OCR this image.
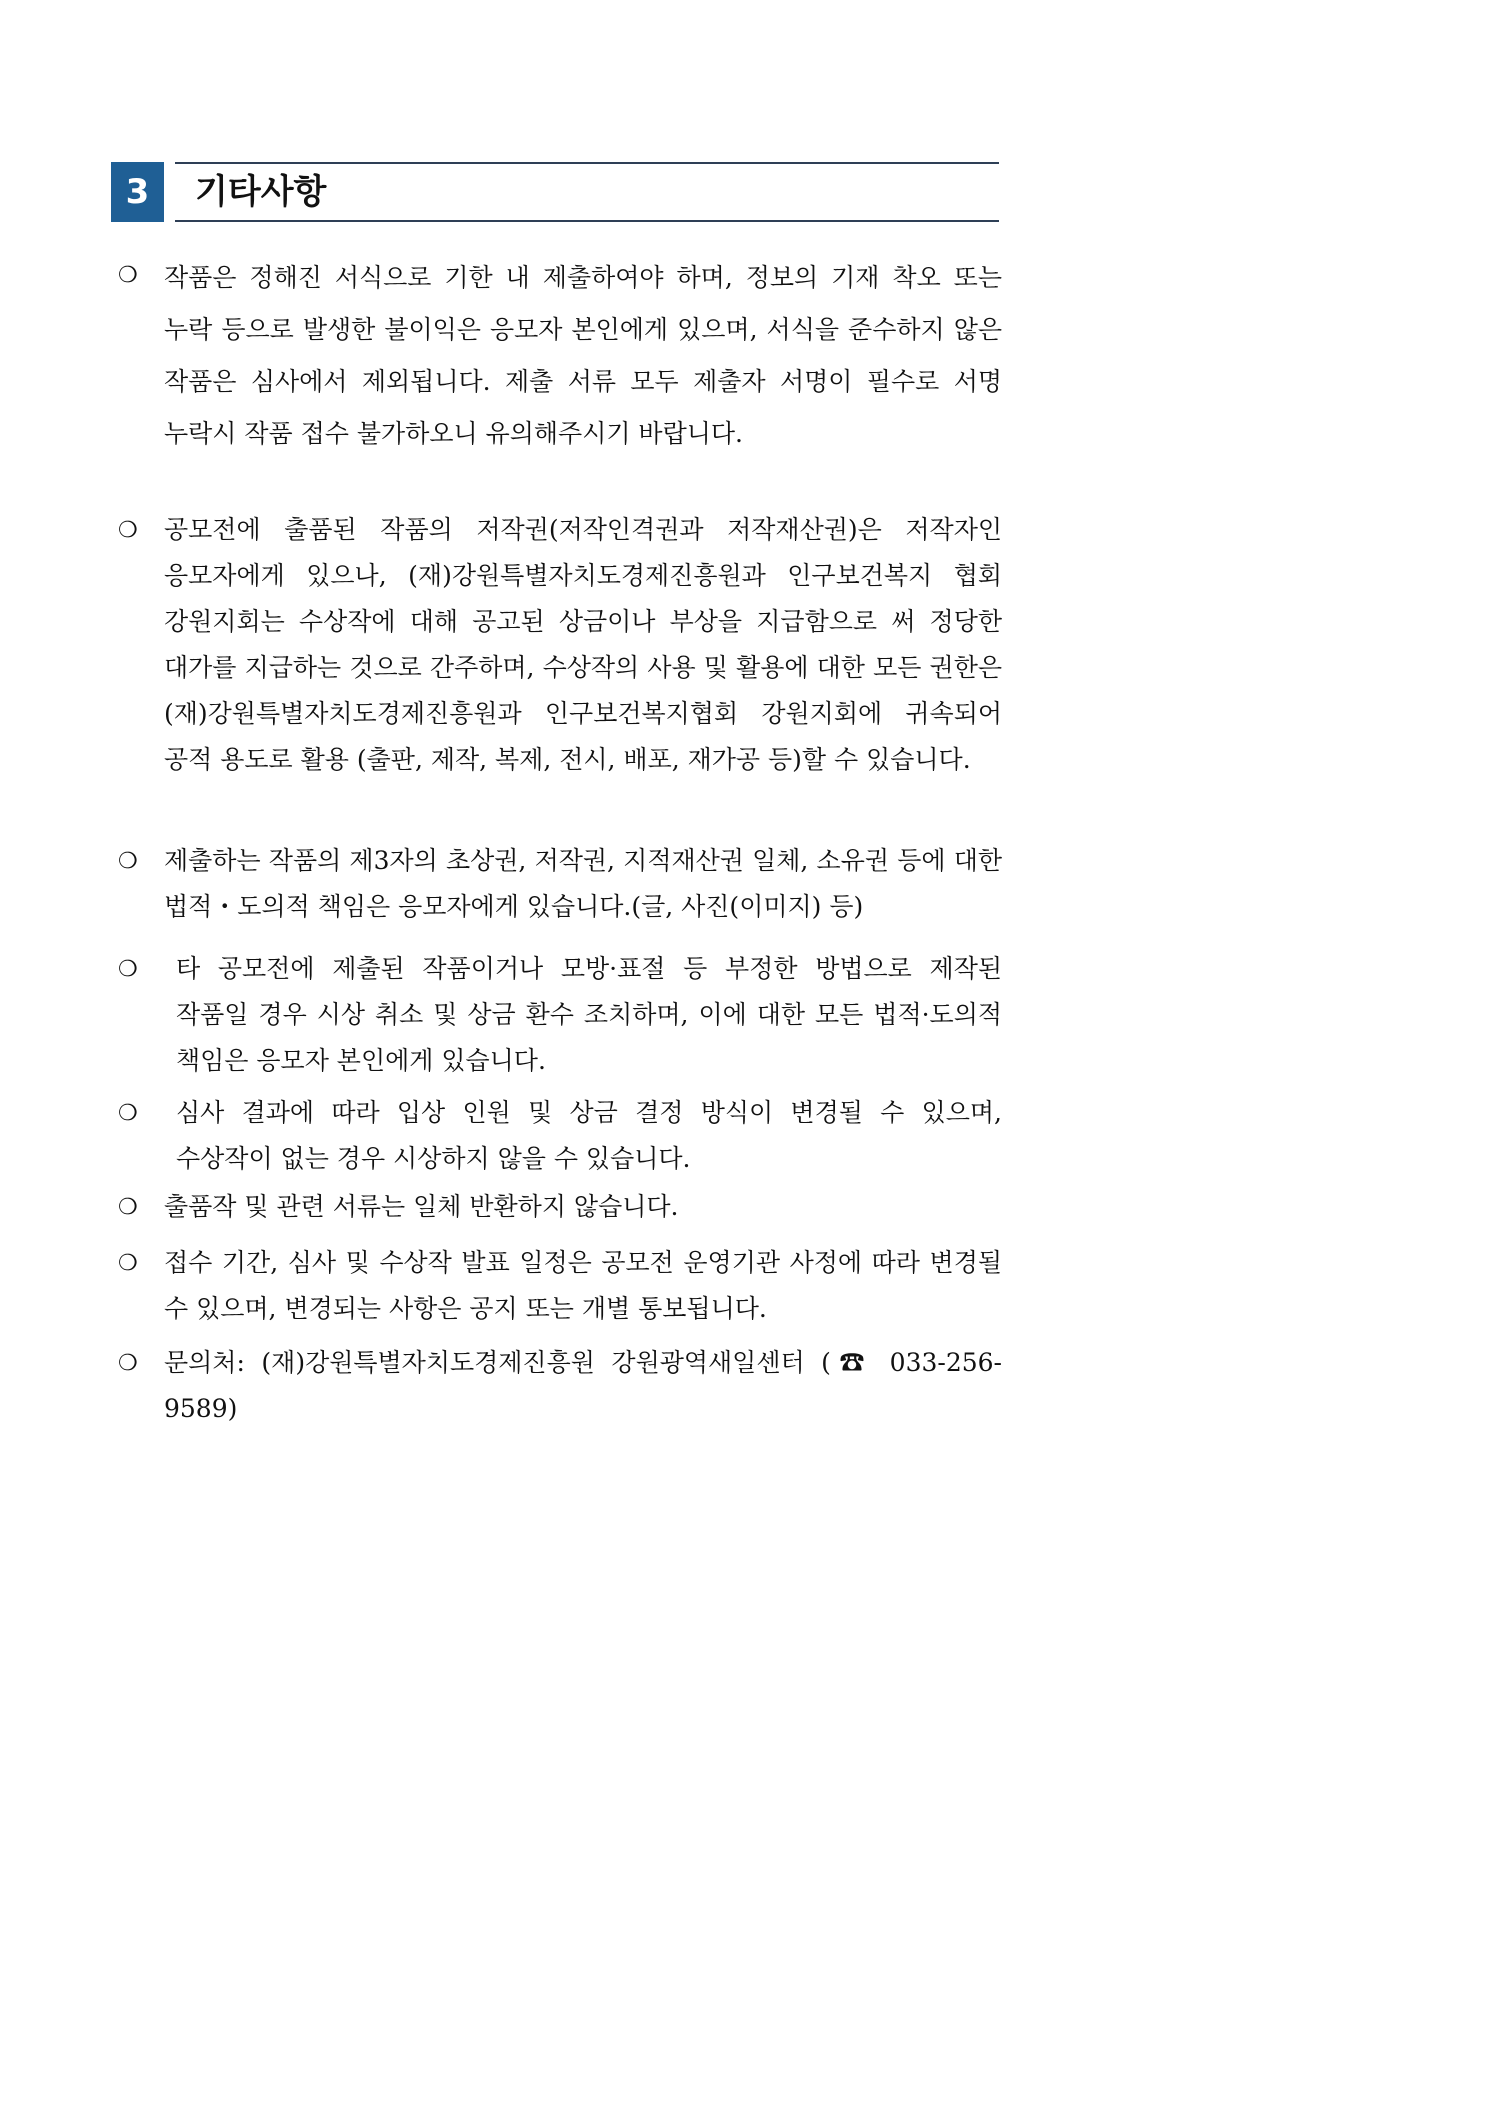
3	기타사항
❍ 작품은 정해진 서식으로 기한 내 제출하여야 하며, 정보의 기재 착오 또는 누락 등으로 발생한 불이익은 응모자 본인에게 있으며, 서식을 준수하지 않은 작품은 심사에서 제외됩니다. 제출 서류 모두 제출자 서명이 필수로 서명 누락시 작품 접수 불가하오니 유의해주시기 바랍니다.
❍ 공모전에 출품된 작품의 저작권(저작인격권과 저작재산권)은 저작자인 응모자에게 있으나, (재)강원특별자치도경제진흥원과 인구보건복지 협회 강원지회는 수상작에 대해 공고된 상금이나 부상을 지급함으로 써 정당한 대가를 지급하는 것으로 간주하며, 수상작의 사용 및 활용에 대한 모든 권한은 (재)강원특별자치도경제진흥원과 인구보건복지협회 강원지회에 귀속되어 공적 용도로 활용 (출판, 제작, 복제, 전시, 배포, 재가공 등)할 수 있습니다.
❍ 제출하는 작품의 제3자의 초상권, 저작권, 지적재산권 일체, 소유권 등에 대한 법적・도의적 책임은 응모자에게 있습니다.(글, 사진(이미지) 등)
❍ 타 공모전에 제출된 작품이거나 모방·표절 등 부정한 방법으로 제작된 작품일 경우 시상 취소 및 상금 환수 조치하며, 이에 대한 모든 법적·도의적 책임은 응모자 본인에게 있습니다.
❍ 심사 결과에 따라 입상 인원 및 상금 결정 방식이 변경될 수 있으며, 수상작이 없는 경우 시상하지 않을 수 있습니다.
❍ 출품작 및 관련 서류는 일체 반환하지 않습니다.
❍ 접수 기간, 심사 및 수상작 발표 일정은 공모전 운영기관 사정에 따라 변경될 수 있으며, 변경되는 사항은 공지 또는 개별 통보됩니다.
❍ 문의처: (재)강원특별자치도경제진흥원 강원광역새일센터 (☎ 033-256-9589)
